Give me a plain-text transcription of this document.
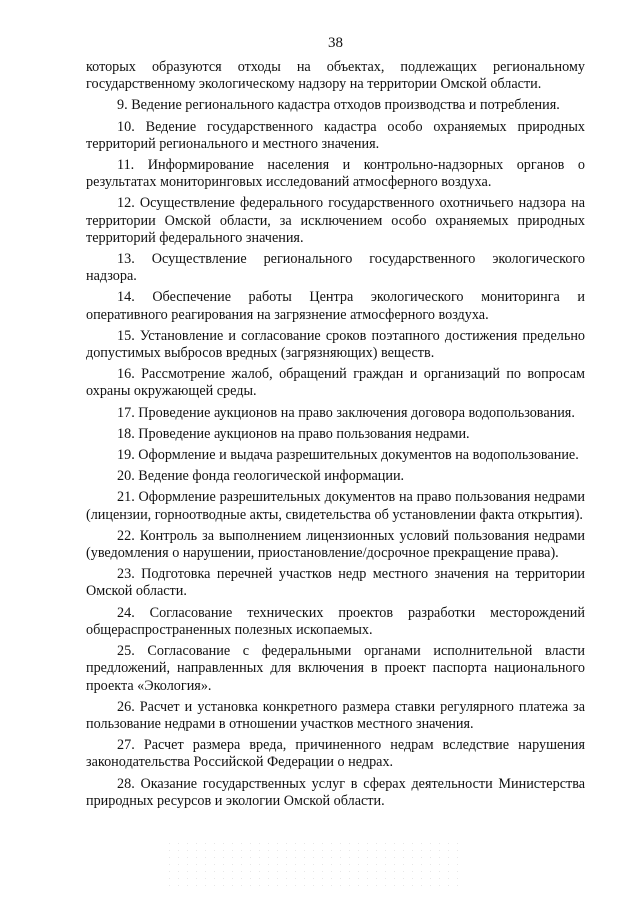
38

которых образуются отходы на объектах, подлежащих региональному государственному экологическому надзору на территории Омской области.

9. Ведение регионального кадастра отходов производства и потребления.

10. Ведение государственного кадастра особо охраняемых природных территорий регионального и местного значения.

11. Информирование населения и контрольно-надзорных органов о результатах мониторинговых исследований атмосферного воздуха.

12. Осуществление федерального государственного охотничьего надзора на территории Омской области, за исключением особо охраняемых природных территорий федерального значения.

13. Осуществление регионального государственного экологического надзора.

14. Обеспечение работы Центра экологического мониторинга и оперативного реагирования на загрязнение атмосферного воздуха.

15. Установление и согласование сроков поэтапного достижения предельно допустимых выбросов вредных (загрязняющих) веществ.

16. Рассмотрение жалоб, обращений граждан и организаций по вопросам охраны окружающей среды.

17. Проведение аукционов на право заключения договора водопользования.

18. Проведение аукционов на право пользования недрами.

19. Оформление и выдача разрешительных документов на водопользование.

20. Ведение фонда геологической информации.

21. Оформление разрешительных документов на право пользования недрами (лицензии, горноотводные акты, свидетельства об установлении факта открытия).

22. Контроль за выполнением лицензионных условий пользования недрами (уведомления о нарушении, приостановление/досрочное прекращение права).

23. Подготовка перечней участков недр местного значения на территории Омской области.

24. Согласование технических проектов разработки месторождений общераспространенных полезных ископаемых.

25. Согласование с федеральными органами исполнительной власти предложений, направленных для включения в проект паспорта национального проекта «Экология».

26. Расчет и установка конкретного размера ставки регулярного платежа за пользование недрами в отношении участков местного значения.

27. Расчет размера вреда, причиненного недрам вследствие нарушения законодательства Российской Федерации о недрах.

28. Оказание государственных услуг в сферах деятельности Министерства природных ресурсов и экологии Омской области.
